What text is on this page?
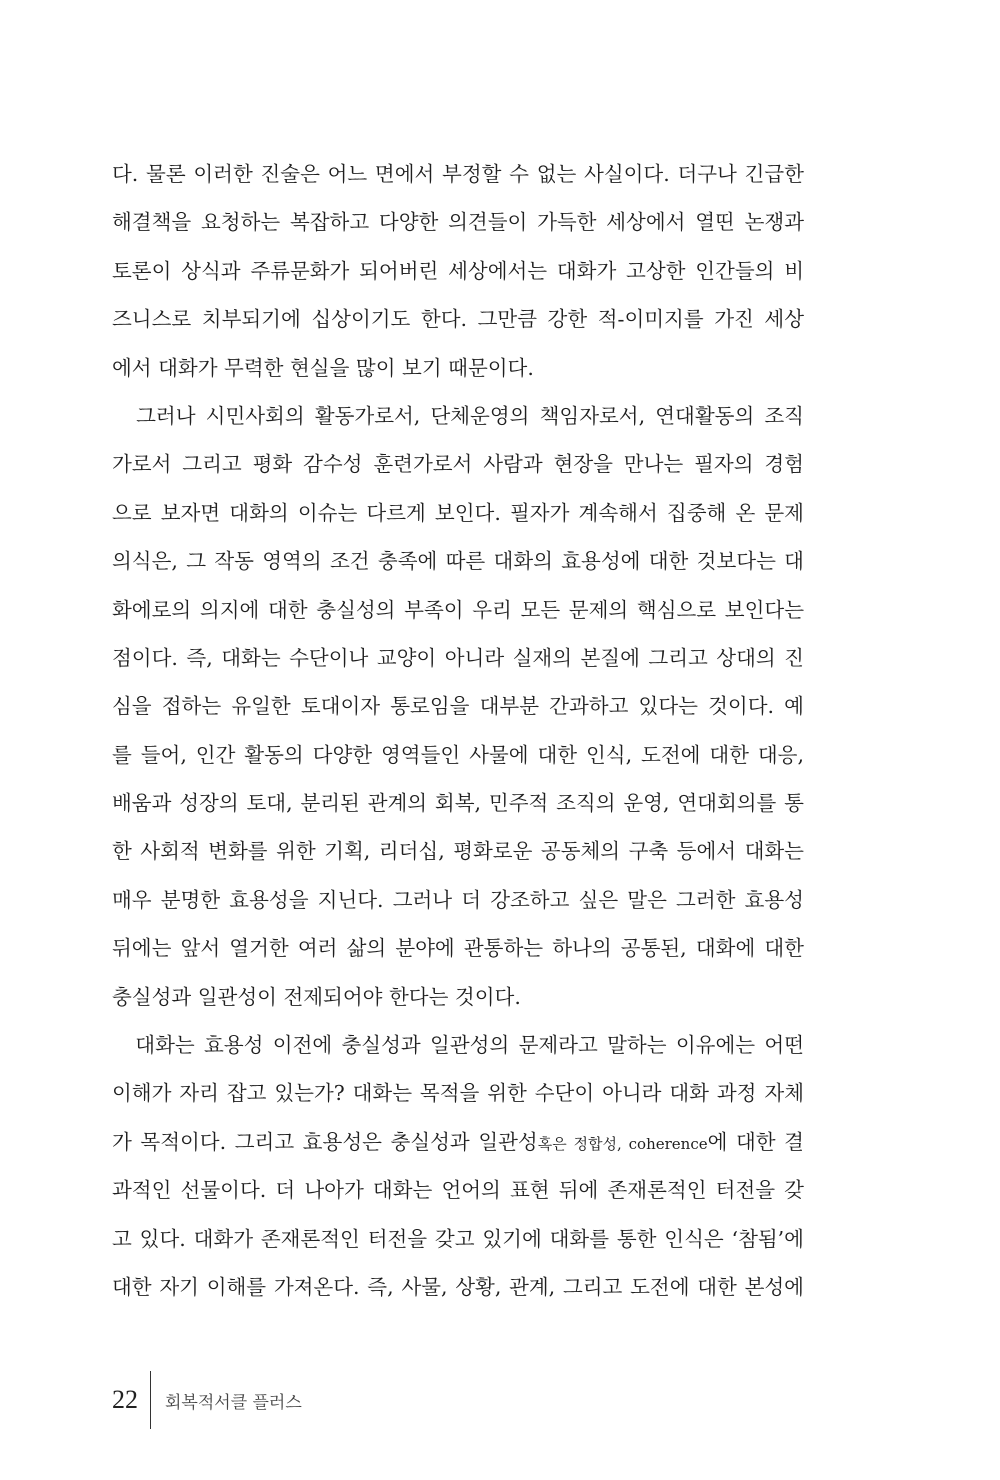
다. 물론 이러한 진술은 어느 면에서 부정할 수 없는 사실이다. 더구나 긴급한
해결책을 요청하는 복잡하고 다양한 의견들이 가득한 세상에서 열띤 논쟁과
토론이 상식과 주류문화가 되어버린 세상에서는 대화가 고상한 인간들의 비
즈니스로 치부되기에 십상이기도 한다. 그만큼 강한 적-이미지를 가진 세상
에서 대화가 무력한 현실을 많이 보기 때문이다.
　그러나 시민사회의 활동가로서, 단체운영의 책임자로서, 연대활동의 조직
가로서 그리고 평화 감수성 훈련가로서 사람과 현장을 만나는 필자의 경험
으로 보자면 대화의 이슈는 다르게 보인다. 필자가 계속해서 집중해 온 문제
의식은, 그 작동 영역의 조건 충족에 따른 대화의 효용성에 대한 것보다는 대
화에로의 의지에 대한 충실성의 부족이 우리 모든 문제의 핵심으로 보인다는
점이다. 즉, 대화는 수단이나 교양이 아니라 실재의 본질에 그리고 상대의 진
심을 접하는 유일한 토대이자 통로임을 대부분 간과하고 있다는 것이다. 예
를 들어, 인간 활동의 다양한 영역들인 사물에 대한 인식, 도전에 대한 대응,
배움과 성장의 토대, 분리된 관계의 회복, 민주적 조직의 운영, 연대회의를 통
한 사회적 변화를 위한 기획, 리더십, 평화로운 공동체의 구축 등에서 대화는
매우 분명한 효용성을 지닌다. 그러나 더 강조하고 싶은 말은 그러한 효용성
뒤에는 앞서 열거한 여러 삶의 분야에 관통하는 하나의 공통된, 대화에 대한
충실성과 일관성이 전제되어야 한다는 것이다.
　대화는 효용성 이전에 충실성과 일관성의 문제라고 말하는 이유에는 어떤
이해가 자리 잡고 있는가? 대화는 목적을 위한 수단이 아니라 대화 과정 자체
가 목적이다. 그리고 효용성은 충실성과 일관성혹은 정합성, coherence에 대한 결
과적인 선물이다. 더 나아가 대화는 언어의 표현 뒤에 존재론적인 터전을 갖
고 있다. 대화가 존재론적인 터전을 갖고 있기에 대화를 통한 인식은 ‘참됨’에
대한 자기 이해를 가져온다. 즉, 사물, 상황, 관계, 그리고 도전에 대한 본성에
22 회복적서클 플러스
